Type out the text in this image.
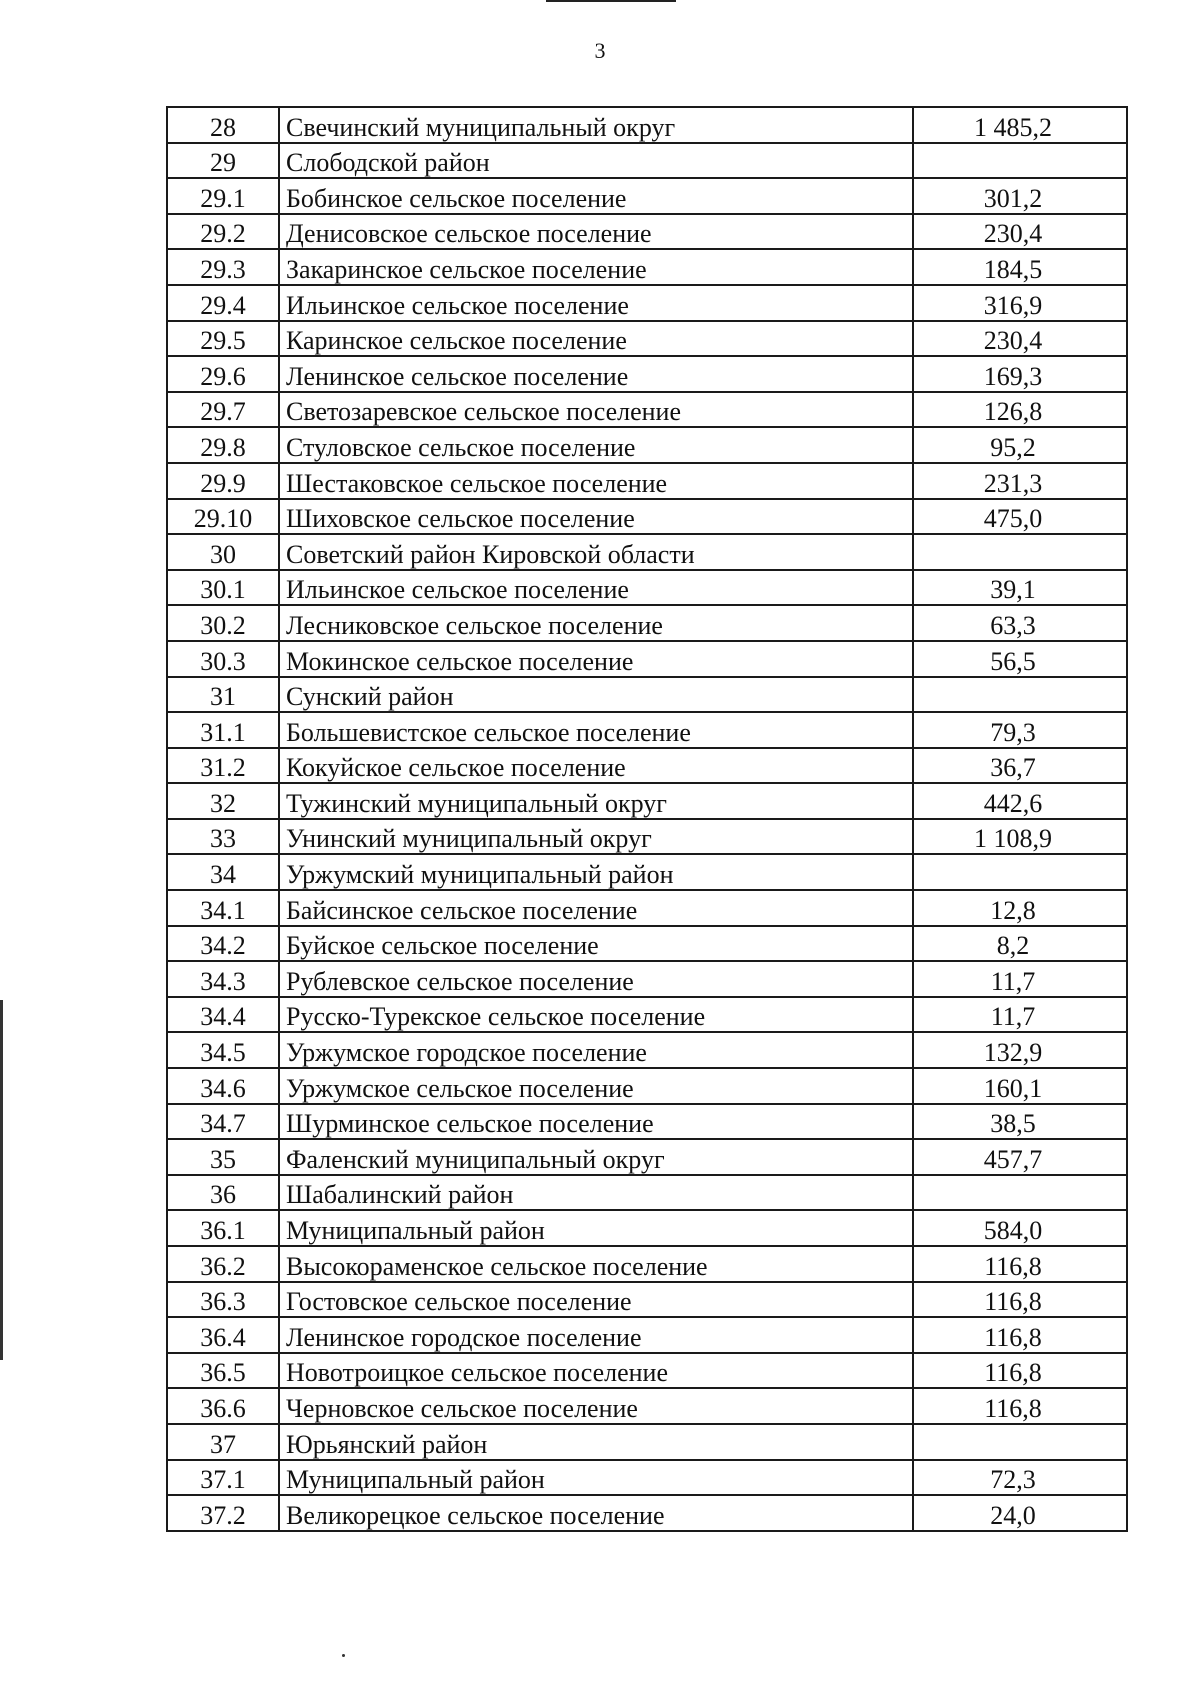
3
28	Свечинский муниципальный округ	1 485,2
29	Слободской район	
29.1	Бобинское сельское поселение	301,2
29.2	Денисовское сельское поселение	230,4
29.3	Закаринское сельское поселение	184,5
29.4	Ильинское сельское поселение	316,9
29.5	Каринское сельское поселение	230,4
29.6	Ленинское сельское поселение	169,3
29.7	Светозаревское сельское поселение	126,8
29.8	Стуловское сельское поселение	95,2
29.9	Шестаковское сельское поселение	231,3
29.10	Шиховское сельское поселение	475,0
30	Советский район Кировской области	
30.1	Ильинское сельское поселение	39,1
30.2	Лесниковское сельское поселение	63,3
30.3	Мокинское сельское поселение	56,5
31	Сунский район	
31.1	Большевистское сельское поселение	79,3
31.2	Кокуйское сельское поселение	36,7
32	Тужинский муниципальный округ	442,6
33	Унинский муниципальный округ	1 108,9
34	Уржумский муниципальный район	
34.1	Байсинское сельское поселение	12,8
34.2	Буйское сельское поселение	8,2
34.3	Рублевское сельское поселение	11,7
34.4	Русско-Турекское сельское поселение	11,7
34.5	Уржумское городское поселение	132,9
34.6	Уржумское сельское поселение	160,1
34.7	Шурминское сельское поселение	38,5
35	Фаленский муниципальный округ	457,7
36	Шабалинский район	
36.1	Муниципальный район	584,0
36.2	Высокораменское сельское поселение	116,8
36.3	Гостовское сельское поселение	116,8
36.4	Ленинское городское поселение	116,8
36.5	Новотроицкое сельское поселение	116,8
36.6	Черновское сельское поселение	116,8
37	Юрьянский район	
37.1	Муниципальный район	72,3
37.2	Великорецкое сельское поселение	24,0
